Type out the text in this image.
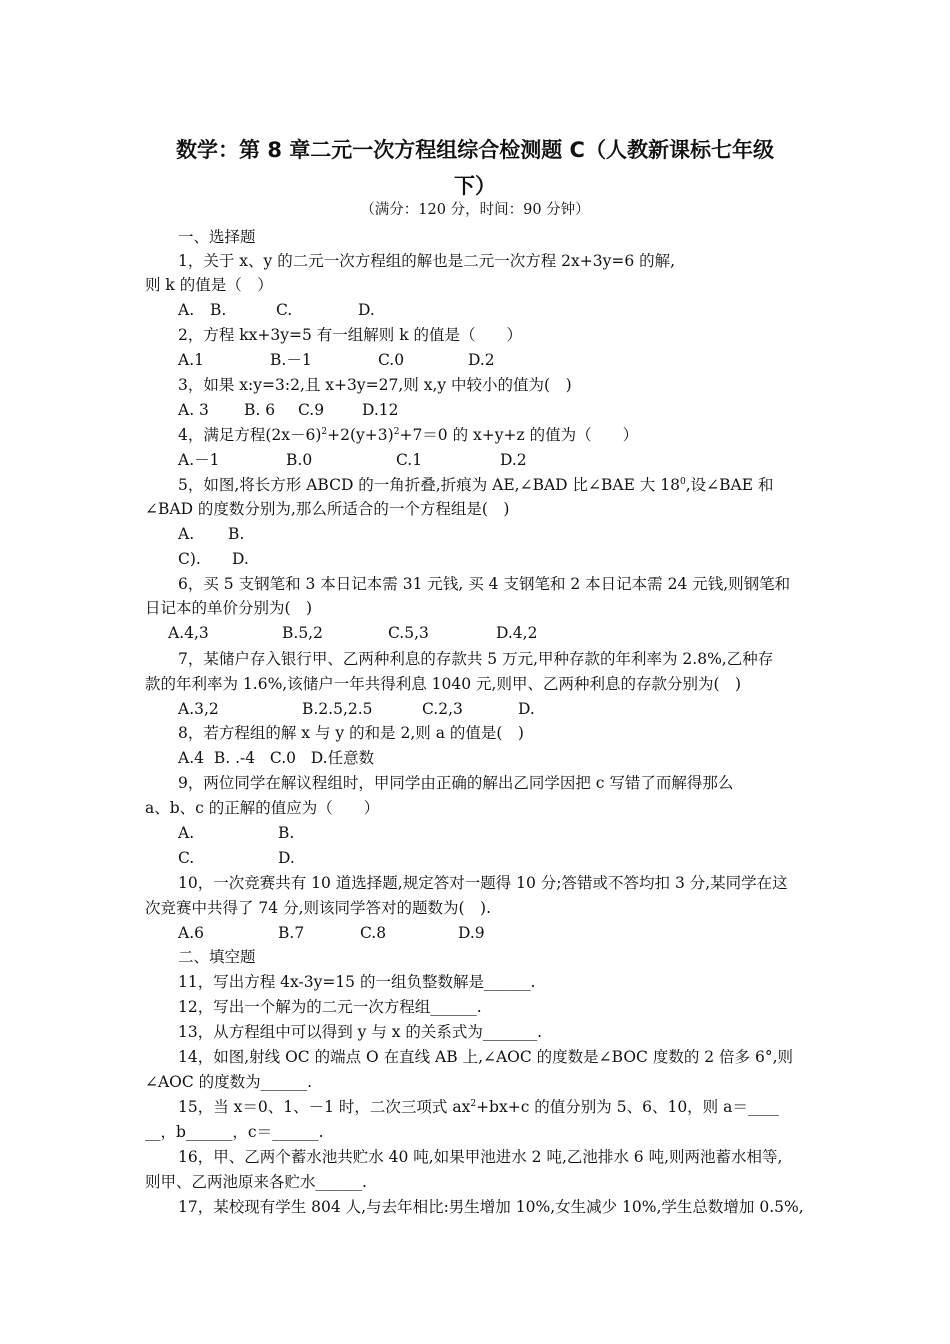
数学：第 8 章二元一次方程组综合检测题 C（人教新课标七年级
下）
（满分：120 分，时间：90 分钟）
一、选择题
1，关于 x、y 的二元一次方程组的解也是二元一次方程 2x+3y=6 的解,
则 k 的值是（　）
A. B.	C.	D.
2，方程 kx+3y=5 有一组解则 k 的值是（　　）
A.1	B.－1	C.0	D.2
3，如果 x:y=3:2,且 x+3y=27,则 x,y 中较小的值为(　)
A. 3 B. 6 C.9 D.12
4，满足方程$(2x-6)^2+2(y+3)^2+7=0$ 的 x+y+z 的值为（　　）
A.－1	B.0	C.1	D.2
5，如图,将长方形 ABCD 的一角折叠,折痕为 AE,∠BAD 比∠BAE 大 $18^0$,设∠BAE 和
∠BAD 的度数分别为,那么所适合的一个方程组是(　)
A. B.
C). D.
6，买 5 支钢笔和 3 本日记本需 31 元钱, 买 4 支钢笔和 2 本日记本需 24 元钱,则钢笔和
日记本的单价分别为(　)
A.4,3	B.5,2	C.5,3	D.4,2
7，某储户存入银行甲、乙两种利息的存款共 5 万元,甲种存款的年利率为 2.8%,乙种存
款的年利率为 1.6%,该储户一年共得利息 1040 元,则甲、乙两种利息的存款分别为(　)
A.3,2	B.2.5,2.5	C.2,3	D.
8，若方程组的解 x 与 y 的和是 2,则 a 的值是(　)
A.4  B. .-4   C.0   D.任意数
9，两位同学在解议程组时，甲同学由正确的解出乙同学因把 c 写错了而解得那么
a、b、c 的正解的值应为（　　）
A.	B.
C.	D.
10，一次竞赛共有 10 道选择题,规定答对一题得 10 分;答错或不答均扣 3 分,某同学在这
次竞赛中共得了 74 分,则该同学答对的题数为(　).
A.6	B.7	C.8	D.9
二、填空题
11，写出方程 4x-3y=15 的一组负整数解是______.
12，写出一个解为的二元一次方程组______.
13，从方程组中可以得到 y 与 x 的关系式为_______.
14，如图,射线 OC 的端点 O 在直线 AB 上,∠AOC 的度数是∠BOC 度数的 2 倍多 6°,则
∠AOC 的度数为______.
15，当 x＝0、1、－1 时，二次三项式 $ax^2+bx+c$ 的值分别为 5、6、10，则 a＝____
__，b______，c＝______.
16，甲、乙两个蓄水池共贮水 40 吨,如果甲池进水 2 吨,乙池排水 6 吨,则两池蓄水相等,
则甲、乙两池原来各贮水______.
17，某校现有学生 804 人,与去年相比:男生增加 10%,女生减少 10%,学生总数增加 0.5%,
